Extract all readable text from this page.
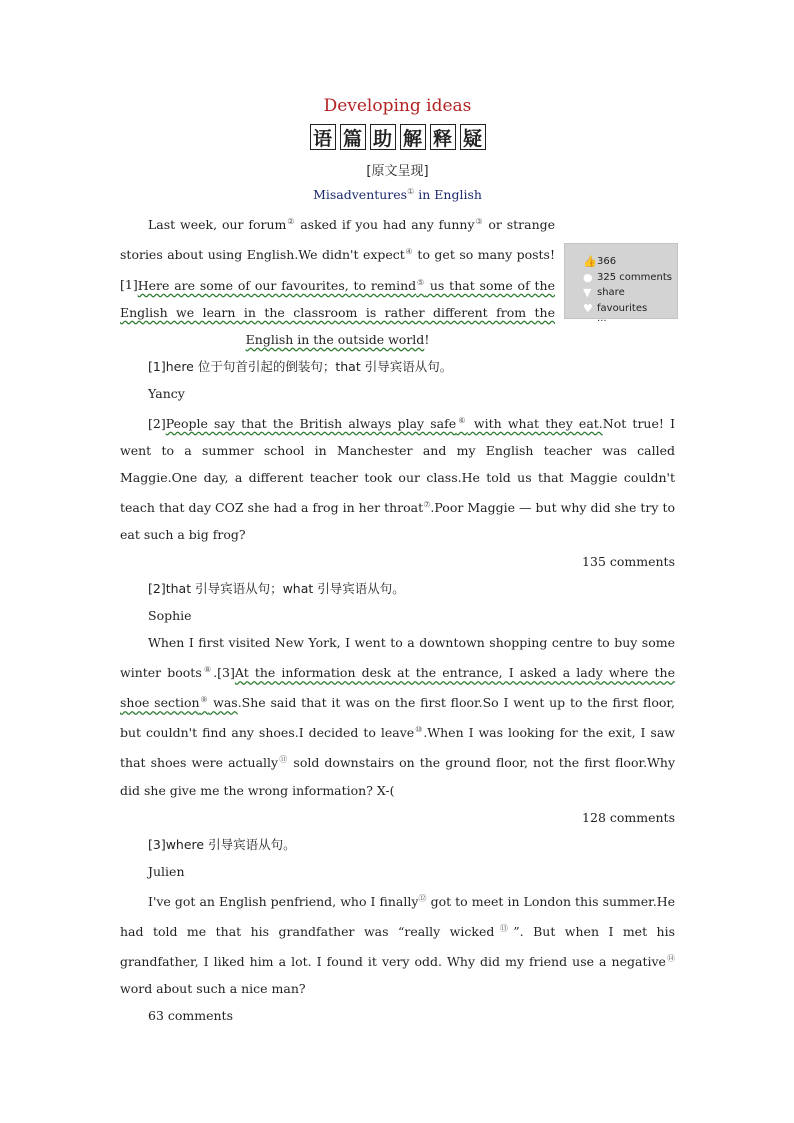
Developing ideas
语 篇 助 解 释 疑
[原文呈现]
Misadventures① in English

Last week, our forum② asked if you had any funny③ or strange stories about using English.We didn't expect④ to get so many posts! [1]Here are some of our favourites, to remind⑤ us that some of the English we learn in the classroom is rather different from the English in the outside world!

[1]here 位于句首引起的倒装句；that 引导宾语从句。
Yancy

[2]People say that the British always play safe⑥ with what they eat.Not true! I went to a summer school in Manchester and my English teacher was called Maggie.One day, a different teacher took our class.He told us that Maggie couldn't teach that day COZ she had a frog in her throat⑦.Poor Maggie — but why did she try to eat such a big frog?

135 comments
[2]that 引导宾语从句；what 引导宾语从句。
Sophie

When I first visited New York, I went to a downtown shopping centre to buy some winter boots⑧.[3]At the information desk at the entrance, I asked a lady where the shoe section⑨ was.She said that it was on the first floor.So I went up to the first floor, but couldn't find any shoes.I decided to leave⑩.When I was looking for the exit, I saw that shoes were actually⑪ sold downstairs on the ground floor, not the first floor.Why did she give me the wrong information? X-(

128 comments
[3]where 引导宾语从句。
Julien

I've got an English penfriend, who I finally⑫ got to meet in London this summer.He had told me that his grandfather was “really wicked⑬”. But when I met his grandfather, I liked him a lot. I found it very odd. Why did my friend use a negative⑭ word about such a nice man?

63 comments
👍 366
● 325 comments
▼ share
♥ favourites
...
